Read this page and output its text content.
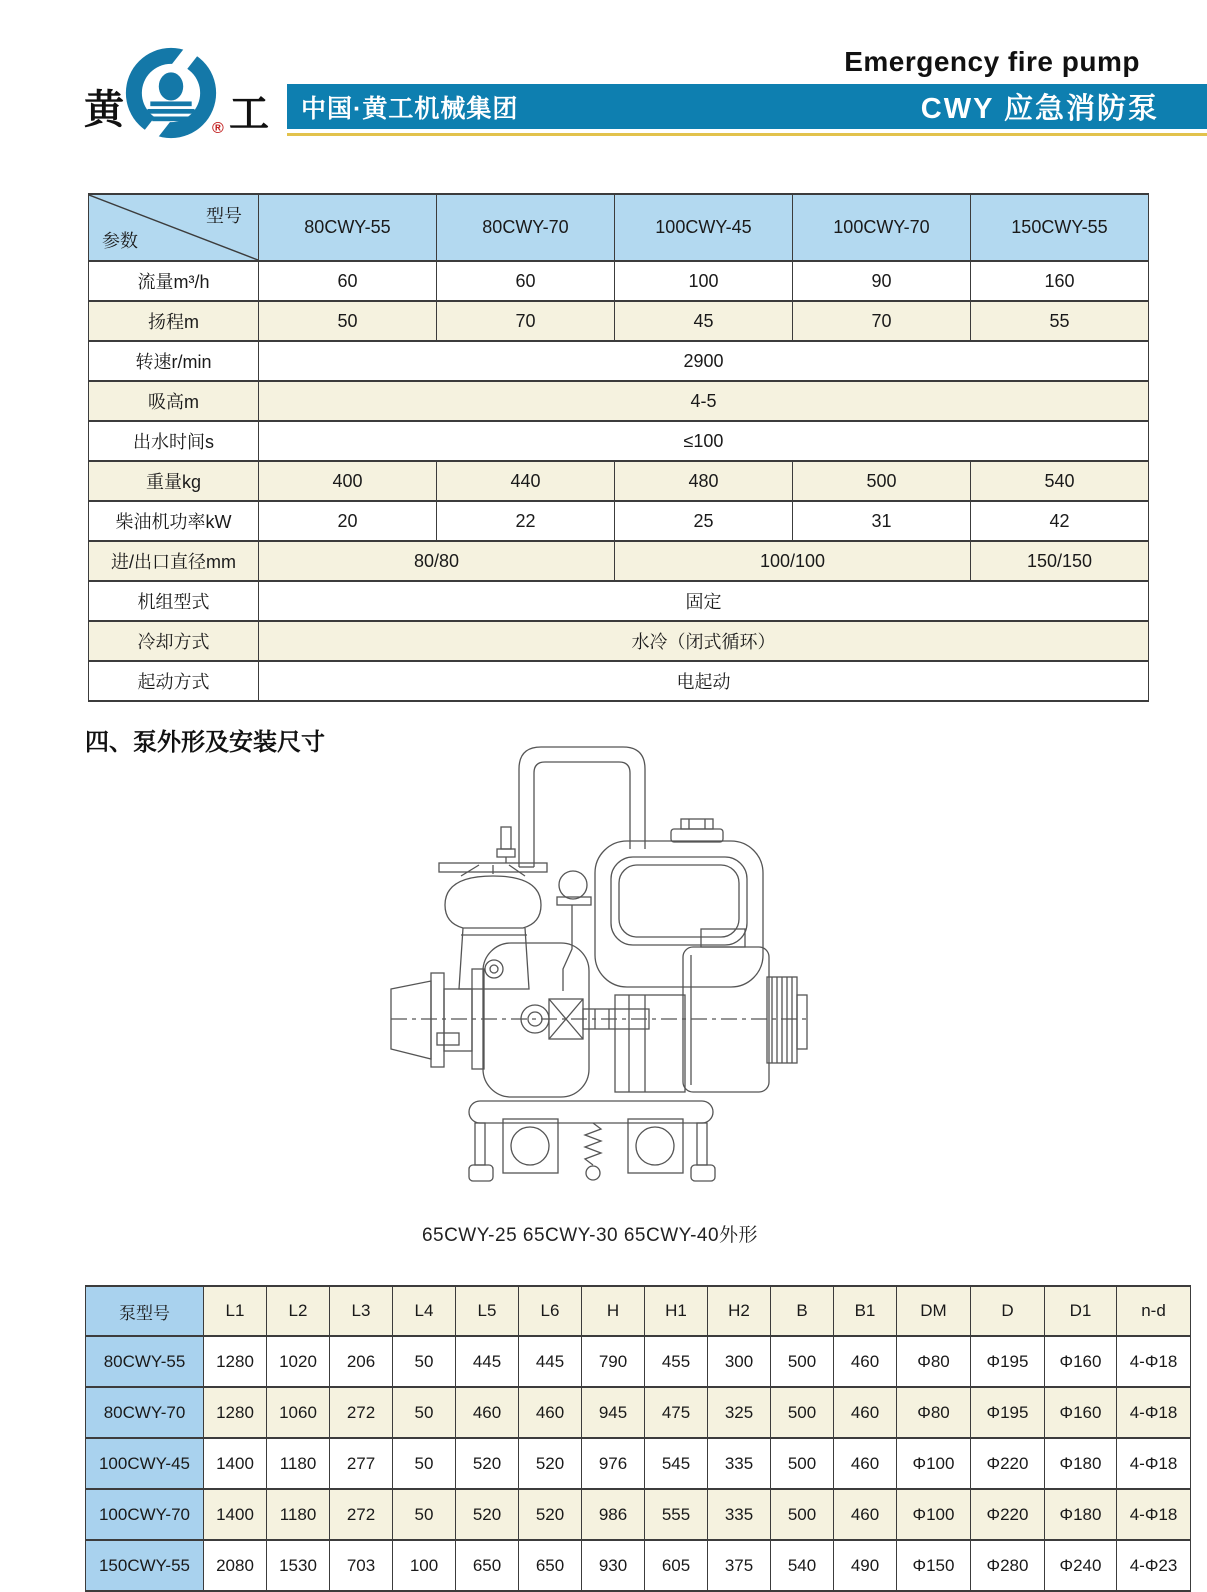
黄	工
®
Emergency fire pump
中国·黄工机械集团	CWY 应急消防泵
型号
参数	80CWY-55	80CWY-70	100CWY-45	100CWY-70	150CWY-55
流量m³/h	60	60	100	90	160
扬程m	50	70	45	70	55
转速r/min	2900				
吸高m	4-5				
出水时间s	≤100				
重量kg	400	440	480	500	540
柴油机功率kW	20	22	25	31	42
进/出口直径mm	80/80		100/100		150/150
机组型式	固定				
冷却方式	水冷（闭式循环）				
起动方式	电起动				
四、泵外形及安装尺寸
65CWY-25 65CWY-30 65CWY-40外形
泵型号	L1	L2	L3	L4	L5	L6	H	H1	H2	B	B1	DM	D	D1	n-d
80CWY-55	1280	1020	206	50	445	445	790	455	300	500	460	Φ80	Φ195	Φ160	4-Φ18
80CWY-70	1280	1060	272	50	460	460	945	475	325	500	460	Φ80	Φ195	Φ160	4-Φ18
100CWY-45	1400	1180	277	50	520	520	976	545	335	500	460	Φ100	Φ220	Φ180	4-Φ18
100CWY-70	1400	1180	272	50	520	520	986	555	335	500	460	Φ100	Φ220	Φ180	4-Φ18
150CWY-55	2080	1530	703	100	650	650	930	605	375	540	490	Φ150	Φ280	Φ240	4-Φ23
